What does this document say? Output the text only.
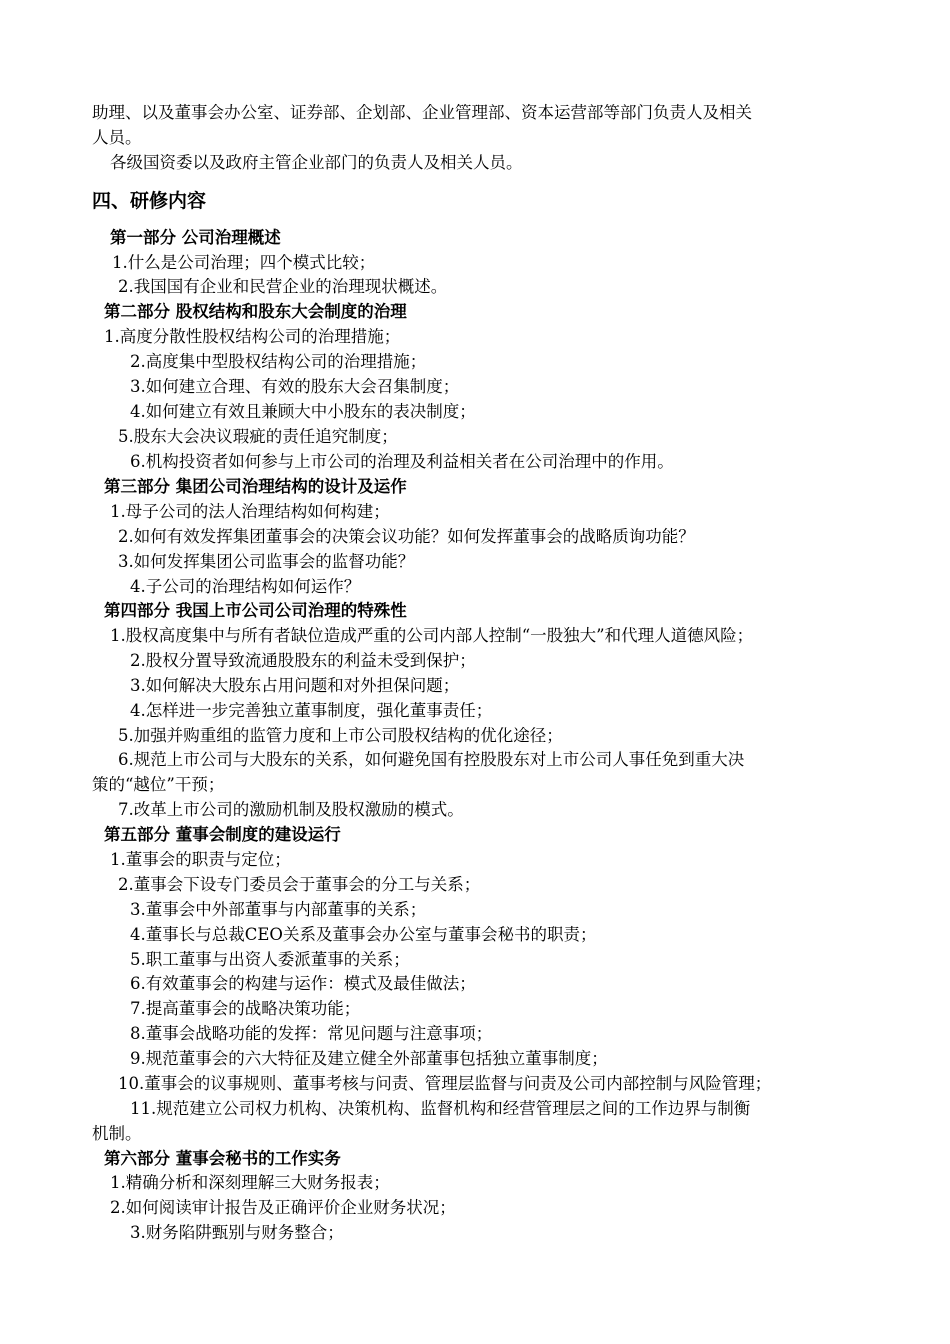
助理、以及董事会办公室、证券部、企划部、企业管理部、资本运营部等部门负责人及相关
人员。
各级国资委以及政府主管企业部门的负责人及相关人员。
四、研修内容
第一部分 公司治理概述
1.什么是公司治理；四个模式比较；
2.我国国有企业和民营企业的治理现状概述。
第二部分 股权结构和股东大会制度的治理
1.高度分散性股权结构公司的治理措施；
2.高度集中型股权结构公司的治理措施；
3.如何建立合理、有效的股东大会召集制度；
4.如何建立有效且兼顾大中小股东的表决制度；
5.股东大会决议瑕疵的责任追究制度；
6.机构投资者如何参与上市公司的治理及利益相关者在公司治理中的作用。
第三部分 集团公司治理结构的设计及运作
1.母子公司的法人治理结构如何构建；
2.如何有效发挥集团董事会的决策会议功能？如何发挥董事会的战略质询功能？
3.如何发挥集团公司监事会的监督功能？
4.子公司的治理结构如何运作？
第四部分 我国上市公司公司治理的特殊性
1.股权高度集中与所有者缺位造成严重的公司内部人控制“一股独大”和代理人道德风险；
2.股权分置导致流通股股东的利益未受到保护；
3.如何解决大股东占用问题和对外担保问题；
4.怎样进一步完善独立董事制度，强化董事责任；
5.加强并购重组的监管力度和上市公司股权结构的优化途径；
6.规范上市公司与大股东的关系，如何避免国有控股股东对上市公司人事任免到重大决
策的“越位”干预；
7.改革上市公司的激励机制及股权激励的模式。
第五部分 董事会制度的建设运行
1.董事会的职责与定位；
2.董事会下设专门委员会于董事会的分工与关系；
3.董事会中外部董事与内部董事的关系；
4.董事长与总裁CEO关系及董事会办公室与董事会秘书的职责；
5.职工董事与出资人委派董事的关系；
6.有效董事会的构建与运作：模式及最佳做法；
7.提高董事会的战略决策功能；
8.董事会战略功能的发挥：常见问题与注意事项；
9.规范董事会的六大特征及建立健全外部董事包括独立董事制度；
10.董事会的议事规则、董事考核与问责、管理层监督与问责及公司内部控制与风险管理；
11.规范建立公司权力机构、决策机构、监督机构和经营管理层之间的工作边界与制衡
机制。
第六部分 董事会秘书的工作实务
1.精确分析和深刻理解三大财务报表；
2.如何阅读审计报告及正确评价企业财务状况；
3.财务陷阱甄别与财务整合；
